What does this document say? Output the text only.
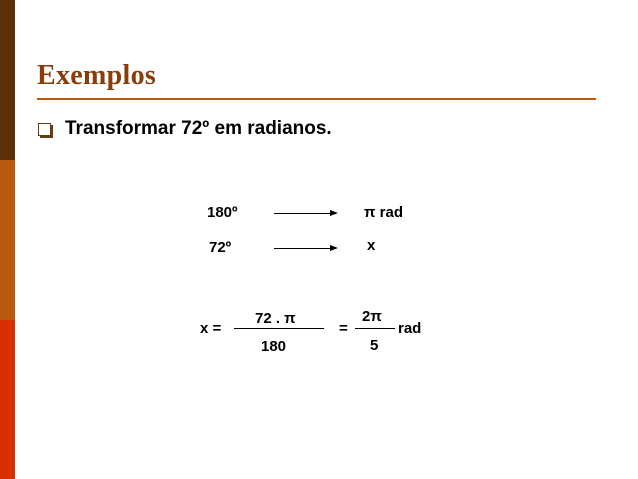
Exemplos
Transformar 72º em radianos.
180º	π rad
72º	x
x =
72 . π
180
=
2π
5
rad
